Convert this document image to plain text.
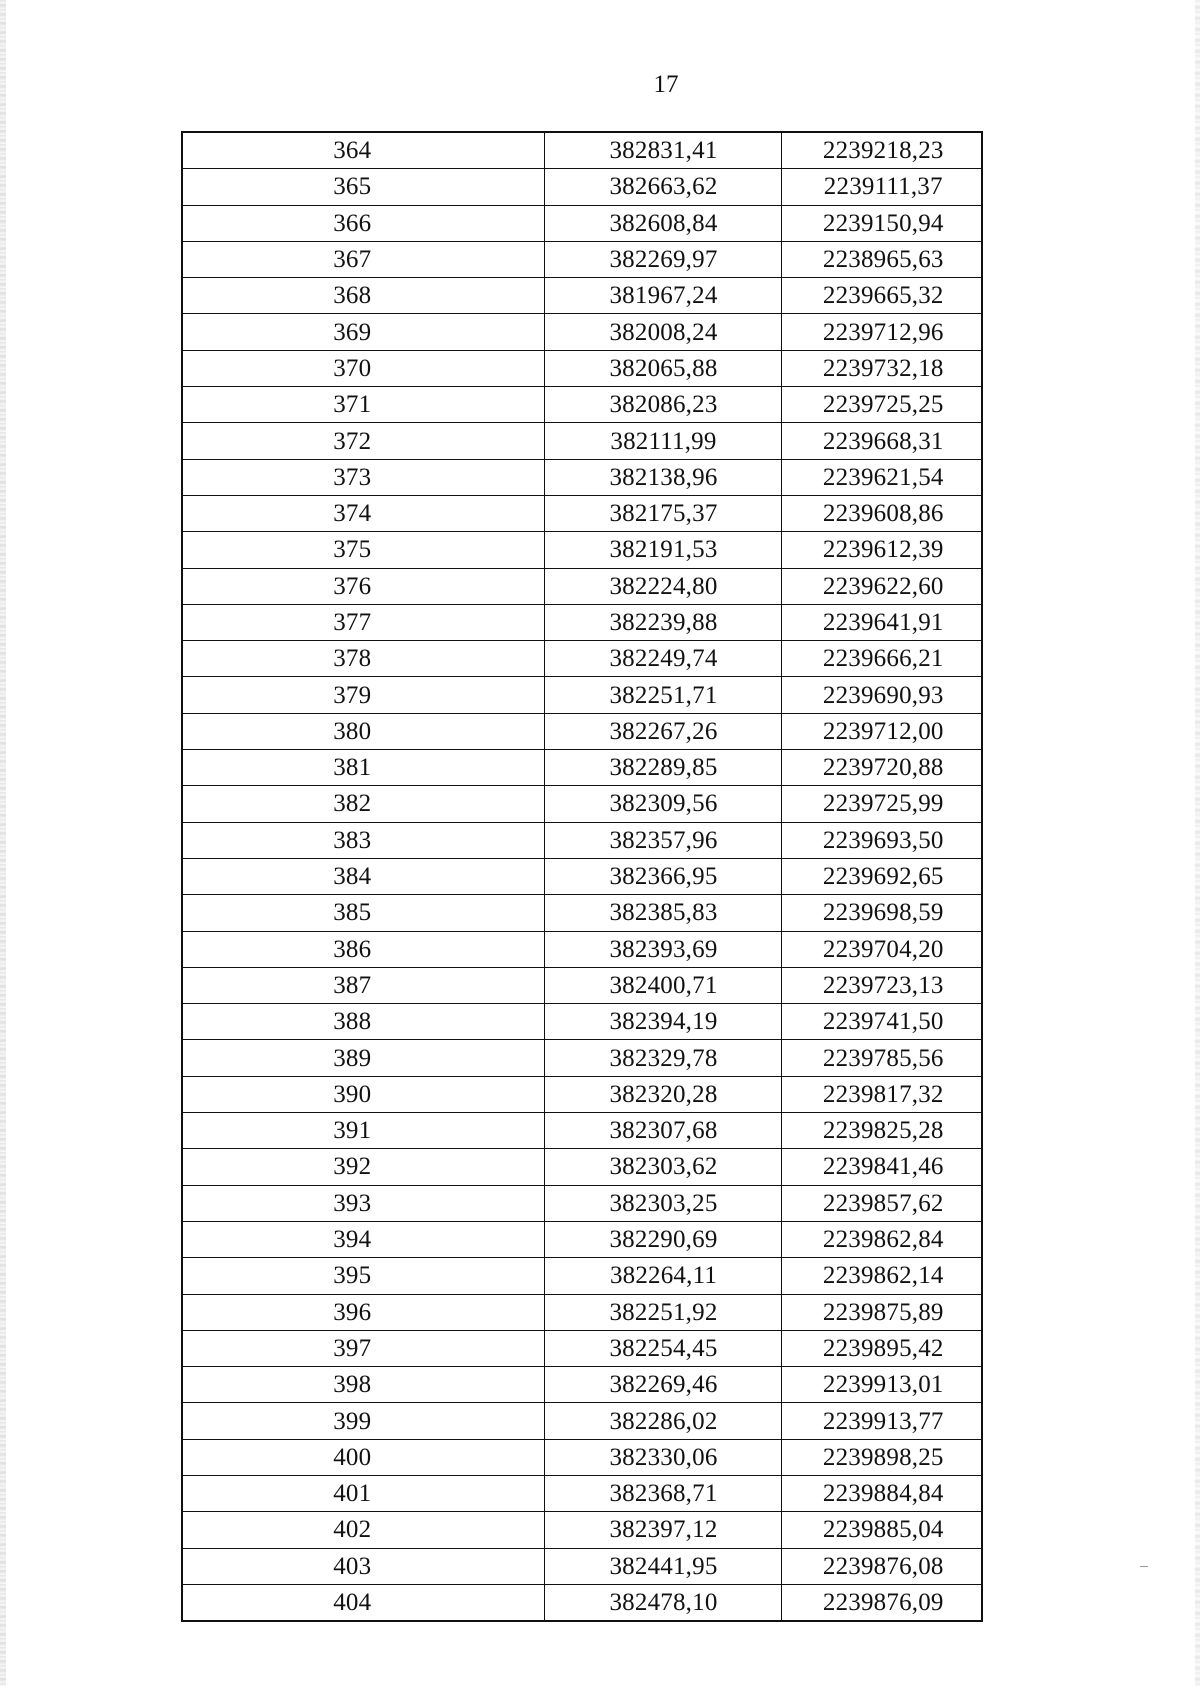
17
364	382831,41	2239218,23
365	382663,62	2239111,37
366	382608,84	2239150,94
367	382269,97	2238965,63
368	381967,24	2239665,32
369	382008,24	2239712,96
370	382065,88	2239732,18
371	382086,23	2239725,25
372	382111,99	2239668,31
373	382138,96	2239621,54
374	382175,37	2239608,86
375	382191,53	2239612,39
376	382224,80	2239622,60
377	382239,88	2239641,91
378	382249,74	2239666,21
379	382251,71	2239690,93
380	382267,26	2239712,00
381	382289,85	2239720,88
382	382309,56	2239725,99
383	382357,96	2239693,50
384	382366,95	2239692,65
385	382385,83	2239698,59
386	382393,69	2239704,20
387	382400,71	2239723,13
388	382394,19	2239741,50
389	382329,78	2239785,56
390	382320,28	2239817,32
391	382307,68	2239825,28
392	382303,62	2239841,46
393	382303,25	2239857,62
394	382290,69	2239862,84
395	382264,11	2239862,14
396	382251,92	2239875,89
397	382254,45	2239895,42
398	382269,46	2239913,01
399	382286,02	2239913,77
400	382330,06	2239898,25
401	382368,71	2239884,84
402	382397,12	2239885,04
403	382441,95	2239876,08
404	382478,10	2239876,09
